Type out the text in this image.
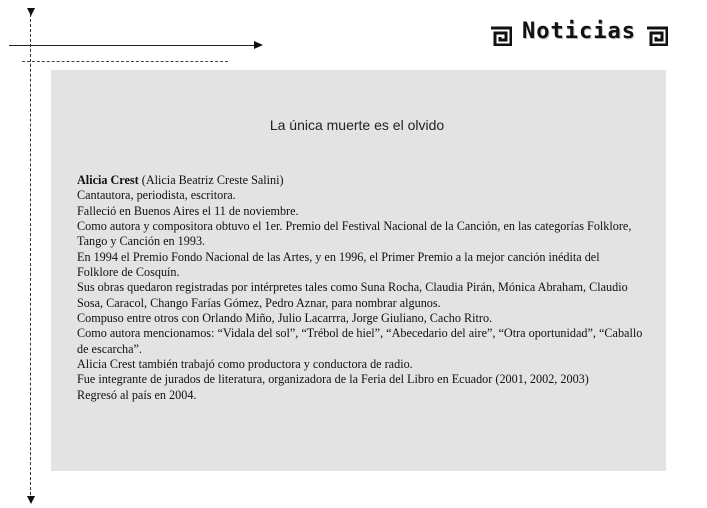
Noticias
La única muerte es el olvido

Alicia Crest (Alicia Beatriz Creste Salini)

Cantautora, periodista, escritora.

Falleció en Buenos Aires el 11 de noviembre.

Como autora y compositora obtuvo el 1er. Premio del Festival Nacional de la Canción, en las categorías Folklore, Tango y Canción en 1993.

En 1994 el Premio Fondo Nacional de las Artes, y en 1996, el Primer Premio a la mejor canción inédita del Folklore de Cosquín.

Sus obras quedaron registradas por intérpretes tales como Suna Rocha, Claudia Pirán, Mónica Abraham, Claudio Sosa, Caracol, Chango Farías Gómez, Pedro Aznar, para nombrar algunos.

Compuso entre otros con Orlando Miño, Julio Lacarrra, Jorge Giuliano, Cacho Ritro.

Como autora mencionamos: “Vidala del sol”, “Trébol de hiel”, “Abecedario del aire”, “Otra oportunidad”, “Caballo de escarcha”.

Alicia Crest también trabajó como productora y conductora de radio.

Fue integrante de jurados de literatura, organizadora de la Feria del Libro en Ecuador (2001, 2002, 2003)

Regresó al país en 2004.
